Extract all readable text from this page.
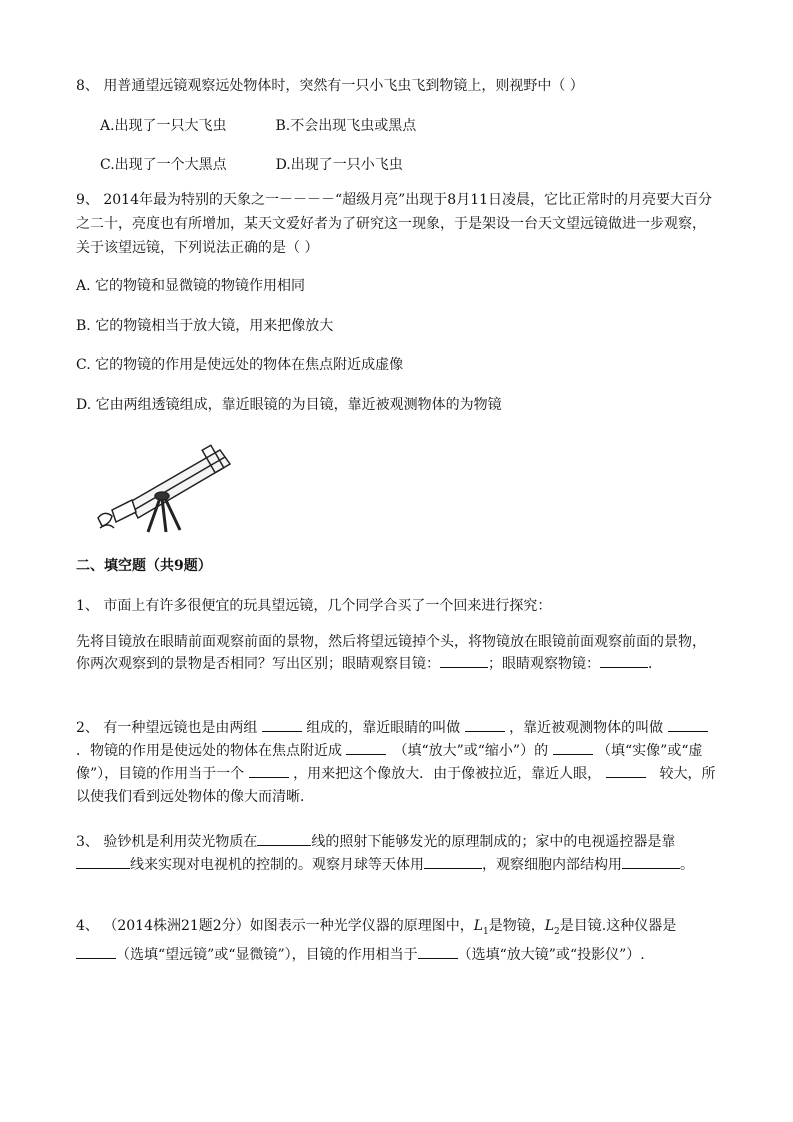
8、 用普通望远镜观察远处物体时，突然有一只小飞虫飞到物镜上，则视野中（ ）
A.出现了一只大飞虫	B.不会出现飞虫或黑点
C.出现了一个大黑点	D.出现了一只小飞虫
9、 2014年最为特别的天象之一－－－－“超级月亮”出现于8月11日凌晨，它比正常时的月亮要大百分之二十，亮度也有所增加，某天文爱好者为了研究这一现象，于是架设一台天文望远镜做进一步观察，关于该望远镜，下列说法正确的是（ ）
A. 它的物镜和显微镜的物镜作用相同
B. 它的物镜相当于放大镜，用来把像放大
C. 它的物镜的作用是使远处的物体在焦点附近成虚像
D. 它由两组透镜组成，靠近眼镜的为目镜，靠近被观测物体的为物镜
二、填空题（共9题）
1、 市面上有许多很便宜的玩具望远镜，几个同学合买了一个回来进行探究：
先将目镜放在眼睛前面观察前面的景物，然后将望远镜掉个头，将物镜放在眼镜前面观察前面的景物，你两次观察到的景物是否相同？写出区别；眼睛观察目镜：	；眼睛观察物镜：	．
2、 有一种望远镜也是由两组	组成的，靠近眼睛的叫做	，靠近被观测物体的叫做  ．物镜的作用是使远处的物体在焦点附近成 　	（填“放大”或“缩小”）的	（填“实像”或“虚像”），目镜的作用当于一个	，用来把这个像放大．由于像被拉近，靠近人眼， 　	较大，所以使我们看到远处物体的像大而清晰．
3、 验钞机是利用荧光物质在	线的照射下能够发光的原理制成的；家中的电视遥控器是靠线来实现对电视机的控制的。观察月球等天体用	，观察细胞内部结构用	。
4、 （2014株洲21题2分）如图表示一种光学仪器的原理图中，$L_1$是物镜，$L_2$是目镜.这种仪器是（选填“望远镜”或“显微镜”），目镜的作用相当于	（选填“放大镜”或“投影仪”）.
